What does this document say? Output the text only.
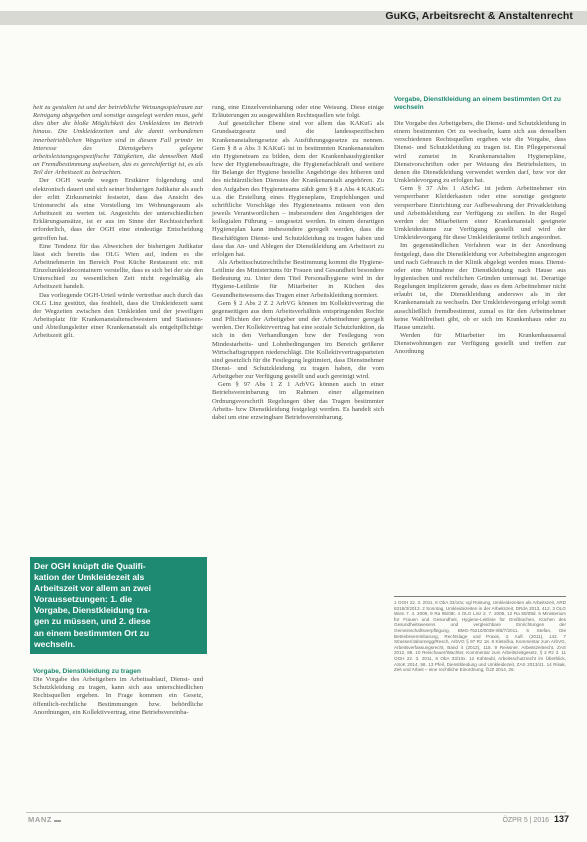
GuKG, Arbeitsrecht & Anstaltenrecht

heit zu gestalten ist und der betriebliche Weisungsspielraum zur Reinigung abgegeben und sonstige ausgelegt werden muss, geht dies über die bloße Möglichkeit des Umkleidens im Betrieb hinaus. Die Umkleidezeiten und die damit verbundenen innerbetrieblichen Wegzeiten sind in diesem Fall primär im Interesse des Dienstgebers gelegene arbeitsleistungsgespezifische Tätigkeiten, die demselben Maß an Fremdbestimmung aufweisen, das es gerechtfertigt ist, es als Teil der Arbeitszeit zu betrachten.

Der OGH wurde wegen Erstkärer folgendung und elektronisch dauert und sich seiner bisherigen Judikatur als auch der erlitt Zirkusmeinkt festsetzt, dass das Ansicht des Unionsrecht als eine Vorstellung im Wohnungsraum als Arbeitszeit zu werten ist. Angesichts der unterschiedlichen Erklärungsansätze, ist er aus im Sinne der Rechtssicherheit erforderlich, dass der OGH eine eindeutige Entscheidung getroffen hat.

Eine Tendenz für das Abweichen der bisherigen Judikatur lässt sich bereits das OLG Wien auf, indem es die Arbeitnehmerin im Bereich Post Küche Restaurant etc. mit Einzelumkleidecontainern verstellte, dass es sich bei der sie den Unterschied zu wesentlichen Zeit nicht regelmäßig als Arbeitszeit handelt.

Das vorliegende OGH-Urteil würde vertretbar auch durch das OLG Linz gestützt, das festhielt, dass die Umkleidezeit samt der Wegzeiten zwischen den Umkleiden und der jeweiligen Arbeitsplatz für Krankenanstaltenschwestern und Stationen- und Abteilungsleiter einer Krankenanstalt als entgeltpflichtige Arbeitszeit gilt.

Der OGH knüpft die Qualifi-
kation der Umkleidezeit als
Arbeitszeit vor allem an zwei
Voraussetzungen: 1. die
Vorgabe, Dienstkleidung tra-
gen zu müssen, und 2. diese
an einem bestimmten Ort zu
wechseln.
Vorgabe, Dienstkleidung zu tragen
Die Vorgabe des Arbeitgebers im Arbeitsablauf, Dienst- und Schutzkleidung zu tragen, kann sich aus unterschiedlichen Rechtsquellen ergeben. In Frage kommen ein Gesetz, öffentlich-rechtliche Bestimmungen bzw. behördliche Anordnungen, ein Kollektivvertrag, eine Betriebsvereinba-

rung, eine Einzelvereinbarung oder eine Weisung. Diese einige Erläuterungen zu ausgewählten Rechtsquellen wie folgt.

Auf gesetzlicher Ebene sind vor allem das KAKuG als Grundsatzgesetz und die landesspezifischen Krankenanstaltengesetze als Ausführungsgesetze zu nennen. Gem § 8 a Abs 3 KAKuG ist in bestimmten Krankenanstalten ein Hygieneteam zu bilden, dem der Krankenhaushygieniker bzw der Hygienebeauftragte, die Hygienefachkraft und weitere für Belange der Hygiene bestellte Angehörige des höheren und des nichtärztlichen Dienstes der Krankenanstalt angehören. Zu den Aufgaben des Hygieneteams zählt gem § 8 a Abs 4 KAKuG u.a. die Erstellung eines Hygieneplans, Empfehlungen und schriftliche Vorschläge des Hygieneteams müssen von den jeweils Verantwortlichen – insbesondere den Angehörigen der kollegialen Führung – umgesetzt werden. In einem derartigen Hygieneplan kann insbesondere geregelt werden, dass die Beschäftigten Dienst- und Schutzkleidung zu tragen haben und dass das An- und Ablegen der Dienstkleidung am Arbeitsort zu erfolgen hat.

Als Arbeitsschutzrechtliche Bestimmung kommt die Hygiene-Leitlinie des Ministeriums für Frauen und Gesundheit besondere Bedeutung zu. Unter dem Titel Personalhygiene wird in der Hygiene-Leitlinie für Mitarbeiter in Küchen des Gesundheitswesens das Tragen einer Arbeitskleidung normiert.

Gem § 2 Abs 2 Z 2 ArbVG können im Kollektivvertrag die gegenseitigen aus dem Arbeitsverhältnis entspringenden Rechte und Pflichten der Arbeitgeber und der Arbeitnehmer geregelt werden. Der Kollektivvertrag hat eine soziale Schutzfunktion, da sich in den Verhandlungen bzw der Festlegung von Mindestarbeits- und Lohnbedingungen im Bereich größerer Wirtschaftsgruppen niederschlägt. Die Kollektivvertragsparteien sind gesetzlich für die Festlegung legitimiert, dass Dienstnehmer Dienst- und Schutzkleidung zu tragen haben, die vom Arbeitgeber zur Verfügung gestellt und auch gereinigt wird.

Gem § 97 Abs 1 Z 1 ArbVG können auch in einer Betriebsvereinbarung im Rahmen einer allgemeinen Ordnungsvorschrift Regelungen über das Tragen bestimmter Arbeits- bzw Dienstkleidung festgelegt werden. Es handelt sich dabei um eine erzwingbare Betriebsvereinbarung.

Vorgabe, Dienstkleidung an einem bestimmten Ort zu wechseln

Die Vorgabe des Arbeitgebers, die Dienst- und Schutzkleidung in einem bestimmten Ort zu wechseln, kann sich aus denselben verschiedenen Rechtsquellen ergeben wie die Vorgabe, dass Dienst- und Schutzkleidung zu tragen ist. Ein Pflegepersonal wird zumeist in Krankenanstalten Hygienepläne, Dienstvorschriften oder per Weisung des Betriebsleiters, in denen die Dienstkleidung verwendet werden darf, bzw vor der Umkleidevorgang zu erfolgen hat.

Gem § 37 Abs 1 ASchG ist jedem Arbeitnehmer ein versperrbarer Kleiderkasten oder eine sonstige geeignete versperrbare Einrichtung zur Aufbewahrung der Privatkleidung und Arbeitskleidung zur Verfügung zu stellen. In der Regel werden der Mitarbeitern einer Krankenanstalt geeignete Umkleideräume zur Verfügung gestellt und wird der Umkleidevorgang für diese Umkleideräume örtlich angeordnet.

Im gegenständlichen Verfahren war in der Anordnung festgelegt, dass die Dienstkleidung vor Arbeitsbeginn angezogen und nach Gebrauch in der Klinik abgelegt werden muss. Dienst- oder eine Mitnahme der Dienstkleidung nach Hause aus hygienischen und rechtlichen Gründen untersagt ist. Derartige Regelungen implizieren gerade, dass es dem Arbeitnehmer nicht erlaubt ist, die Dienstkleidung anderswo als in der Krankenanstalt zu wechseln. Der Umkleidevorgang erfolgt somit ausschließlich fremdbestimmt, zumal es für den Arbeitnehmer keine Wahlfreiheit gibt, ob er sich im Krankenhaus oder zu Hause umzieht.

Werden für Mitarbeiter im Krankenhausareal Dienstwohnungen zur Verfügung gestellt und treffen zur Anordnung

1 OGH 22. 3. 2011, 8 ObA 33/10x; vgl Rüstung, Umkleidezeiten als Arbeitszeit, ARD 6318/3/2013. 2 Sonntag, Umkleidezeiten in der Arbeitszeit, DRdA 2013, 412. 3 OLG Wien 7. 4. 2009, 9 Ra 95/08t. 4 OLG Linz 2. 7. 2009, 12 Ra 50/09d. 5 Ministerium für Frauen und Gesundheit, Hygiene-Leitlinie für Großküchen, Küchen des Gesundheitswesens und vergleichbare Einrichtungen der Gemeinschaftsverpflegung, BMG-75210/0039-II/B/7/2011. 6 Stefan, Die Betriebsvereinbarung, Rechtslage und Praxis, 2. Aufl. (2011), 142. 7 Strasser/Jabornegg/Resch, ArbVG § 97 Rz 18. 8 Kletečka, Kommentar zum ArbVG, Arbeitsverfassungsrecht, Band 4 (2012), 118. 9 Reissner, Arbeitszeitrecht, ZAS 2012, 88. 10 Reischauer/Wachter, Kommentar zum Arbeitszeitgesetz, § 2 Rz 3. 11 OGH 22. 3. 2011, 8 ObA 33/10x. 12 Kühteubl, Arbeitsschutzrecht im Überblick, ASoK 2014, 58. 13 Pfeil, Dienstkleidung und Umkleidezeit, ZAS 2013/41. 14 Risak, Zeit und Arbeit – eine rechtliche Einordnung, ÖJZ 2014, 26.
MANZ	ÖZPR 5 | 2016 137
